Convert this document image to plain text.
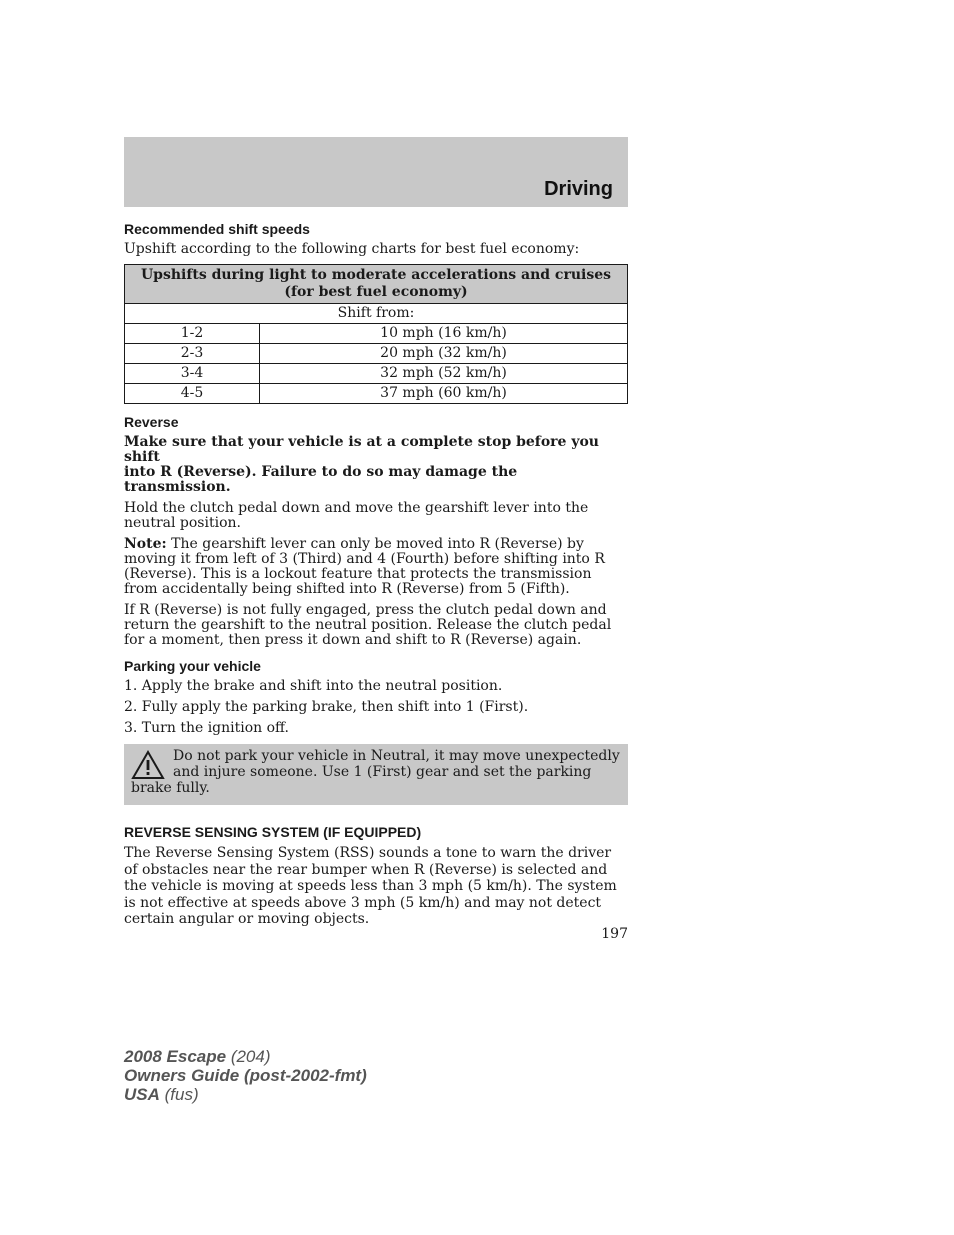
Driving
Recommended shift speeds

Upshift according to the following charts for best fuel economy:

Upshifts during light to moderate accelerations and cruises
(for best fuel economy)	
Shift from:	
1-2	10 mph (16 km/h)
2-3	20 mph (32 km/h)
3-4	32 mph (52 km/h)
4-5	37 mph (60 km/h)
Reverse

Make sure that your vehicle is at a complete stop before you shift
into R (Reverse). Failure to do so may damage the transmission.

Hold the clutch pedal down and move the gearshift lever into the neutral position.

Note: The gearshift lever can only be moved into R (Reverse) by moving it from left of 3 (Third) and 4 (Fourth) before shifting into R (Reverse). This is a lockout feature that protects the transmission from accidentally being shifted into R (Reverse) from 5 (Fifth).

If R (Reverse) is not fully engaged, press the clutch pedal down and return the gearshift to the neutral position. Release the clutch pedal for a moment, then press it down and shift to R (Reverse) again.

Parking your vehicle

1. Apply the brake and shift into the neutral position.

2. Fully apply the parking brake, then shift into 1 (First).

3. Turn the ignition off.

Do not park your vehicle in Neutral, it may move unexpectedly and injure someone. Use 1 (First) gear and set the parking brake fully.
REVERSE SENSING SYSTEM (IF EQUIPPED)

The Reverse Sensing System (RSS) sounds a tone to warn the driver of obstacles near the rear bumper when R (Reverse) is selected and the vehicle is moving at speeds less than 3 mph (5 km/h). The system is not effective at speeds above 3 mph (5 km/h) and may not detect certain angular or moving objects.

197
2008 Escape (204)
Owners Guide (post-2002-fmt)
USA (fus)
